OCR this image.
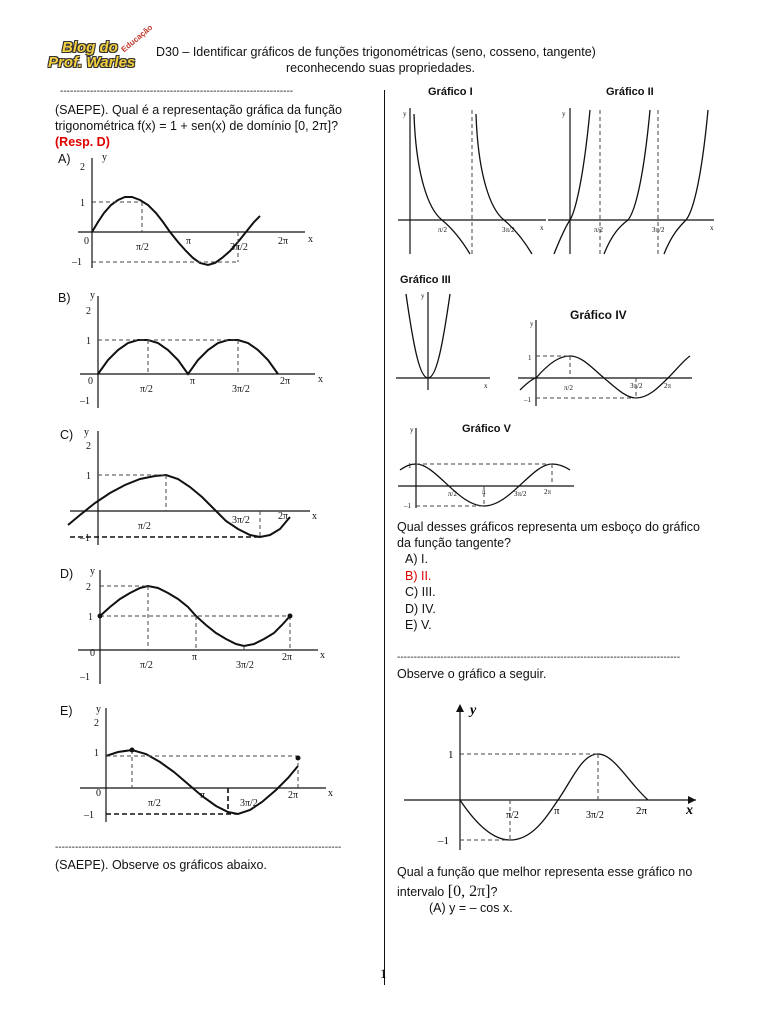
Blog do
Prof. Warles
Educação D30 – Identificar gráficos de funções trigonométricas (seno, cosseno, tangente)
reconhecendo suas propriedades.
----------------------------------------------------------------------
(SAEPE). Qual é a representação gráfica da função
trigonométrica f(x) = 1 + sen(x) de domínio [0, 2π]?
(Resp. D)
A)
B)
C)
D)
E)
y
x
2
1
–1
0
π/2
π
3π/2
2π
y
x
2
1
–1
0
π/2
π
3π/2
2π
y
x
2
1
–1
π/2
3π/2	2π
y
x
2
1
–1
0
π/2
π
3π/2
2π
y
x
2
1
–1
0
π/2
π
3π/2
2π
--------------------------------------------------------------------------------------
(SAEPE). Observe os gráficos abaixo.
Gráfico I	Gráfico II
y
x
π/2	3π/2
y
x
π/2	3π/2
Gráfico III
y
x
Gráfico IV
y
1
–1
π/2	3π/2	2π
Gráfico V
y
1
–1
π/2	π	3π/2	2π
Qual desses gráficos representa um esboço do gráfico
da função tangente?
A) I.
B) II.
C) III.
D) IV.
E) V.
-------------------------------------------------------------------------------------
Observe o gráfico a seguir.
y
x
1
–1
π/2	π	3π/2	2π
Qual a função que melhor representa esse gráfico no
intervalo [0, 2π]?
(A) y = – cos x.
1
